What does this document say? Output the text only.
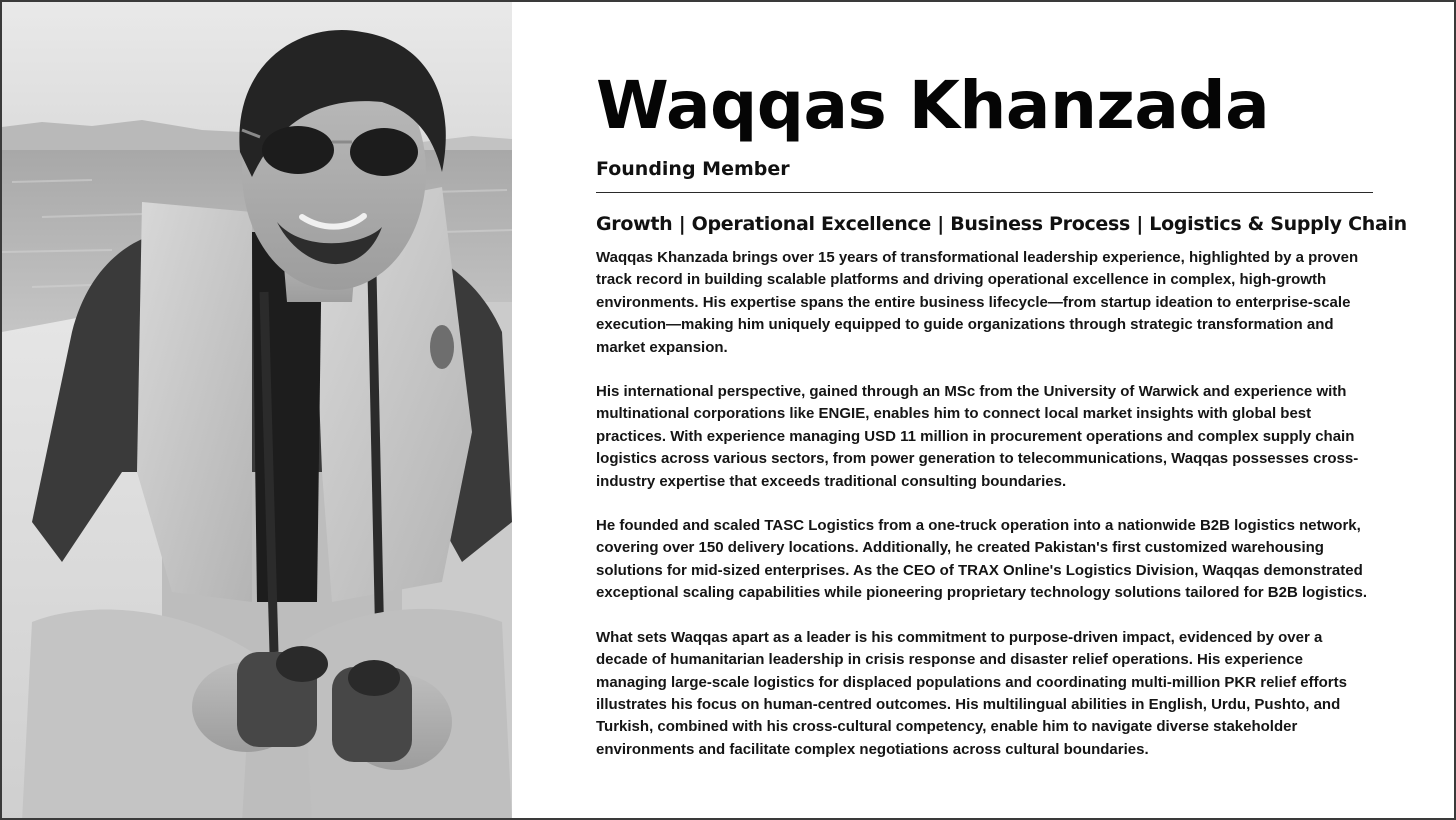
Waqqas Khanzada
Founding Member
Growth | Operational Excellence | Business Process | Logistics & Supply Chain

Waqqas Khanzada brings over 15 years of transformational leadership experience, highlighted by a proven track record in building scalable platforms and driving operational excellence in complex, high-growth environments. His expertise spans the entire business lifecycle—from startup ideation to enterprise-scale execution—making him uniquely equipped to guide organizations through strategic transformation and market expansion.

His international perspective, gained through an MSc from the University of Warwick and experience with multinational corporations like ENGIE, enables him to connect local market insights with global best practices. With experience managing USD 11 million in procurement operations and complex supply chain logistics across various sectors, from power generation to telecommunications, Waqqas possesses cross-industry expertise that exceeds traditional consulting boundaries.

He founded and scaled TASC Logistics from a one-truck operation into a nationwide B2B logistics network, covering over 150 delivery locations. Additionally, he created Pakistan's first customized warehousing solutions for mid-sized enterprises. As the CEO of TRAX Online's Logistics Division, Waqqas demonstrated exceptional scaling capabilities while pioneering proprietary technology solutions tailored for B2B logistics.

What sets Waqqas apart as a leader is his commitment to purpose-driven impact, evidenced by over a decade of humanitarian leadership in crisis response and disaster relief operations. His experience managing large-scale logistics for displaced populations and coordinating multi-million PKR relief efforts illustrates his focus on human-centred outcomes. His multilingual abilities in English, Urdu, Pushto, and Turkish, combined with his cross-cultural competency, enable him to navigate diverse stakeholder environments and facilitate complex negotiations across cultural boundaries.
